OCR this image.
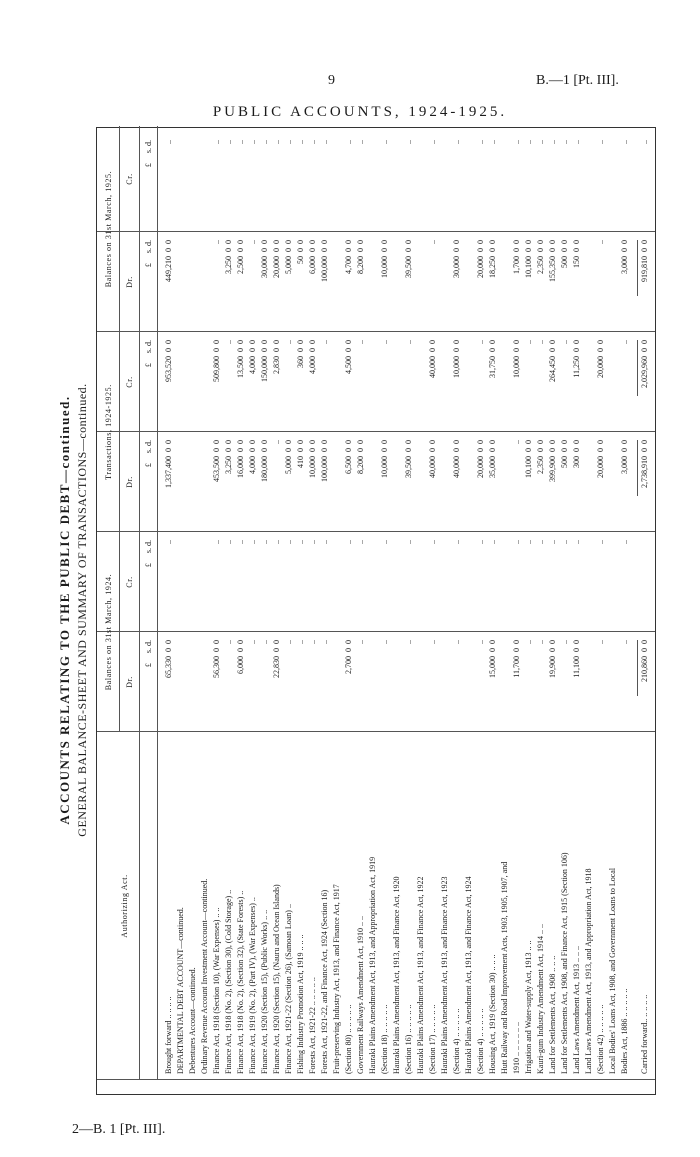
9	B.—1 [Pt. III].
PUBLIC ACCOUNTS, 1924-1925.
ACCOUNTS RELATING TO THE PUBLIC DEBT—continued. GENERAL BALANCE-SHEET AND SUMMARY OF TRANSACTIONS—continued.
Authorizing Act.
Balances on 31st March, 1924.
Transactions, 1924-1925.
Balances on 31st March, 1925.
Dr.
Cr.
Dr.
Cr.
Dr.
Cr.
£     s. d.
£     s. d.
£     s. d.
£     s. d.
£     s. d.
£     s. d.
Brought forward .. .. .. ..
65,330  0  0
..
1,337,400  0  0
953,520  0  0
449,210  0  0
..
DEPARTMENTAL DEBT ACCOUNT—continued. Debentures Account—continued. Ordinary Revenue Account Investment Account—continued. Finance Act, 1918 (Section 10), (War Expenses) .. ..
56,300  0  0
..
453,500  0  0
509,800  0  0
..
..
Finance Act, 1918 (No. 2), (Section 30), (Cold Storage) ..
..
..
3,250  0  0
..
3,250  0  0
..
Finance Act, 1918 (No. 2), (Section 32), (State Forests) ..
6,000  0  0
..
16,000  0  0
13,500  0  0
2,500  0  0
..
Finance Act, 1919 (No. 2), (Part IV), (War Expenses) ..
..
..
4,000  0  0
4,000  0  0
..
..
Finance Act, 1920 (Section 15), (Public Works) .. ..
..
..
180,000  0  0
150,000  0  0
30,000  0  0
..
Finance Act, 1920 (Section 15), (Nauru and Ocean Islands)
22,830  0  0
..
..
2,830  0  0
20,000  0  0
..
Finance Act, 1921-22 (Section 26), (Samoan Loan) ..
..
..
5,000  0  0
..
5,000  0  0
..
Fishing Industry Promotion Act, 1919 .. .. ..
..
..
410  0  0
360  0  0
50  0  0
..
Forests Act, 1921-22 .. .. .. .. ..
..
..
10,000  0  0
4,000  0  0
6,000  0  0
..
Forests Act, 1921-22, and Finance Act, 1924 (Section 16)
..
..
100,000  0  0
..
100,000  0  0
..
Fruit-preserving Industry Act, 1913, and Finance Act, 1917 (Section 80) .. .. .. .. ..
2,700  0  0
..
6,500  0  0
4,500  0  0
4,700  0  0
..
Government Railways Amendment Act, 1910 .. ..
..
..
8,200  0  0
..
8,200  0  0
..
Hauraki Plains Amendment Act, 1913, and Appropriation Act, 1919 (Section 18) .. .. .. .. ..
..
..
10,000  0  0
..
10,000  0  0
..
Hauraki Plains Amendment Act, 1913, and Finance Act, 1920 (Section 16) .. .. .. .. ..
..
..
39,500  0  0
..
39,500  0  0
..
Hauraki Plains Amendment Act, 1913, and Finance Act, 1922 (Section 17) .. .. .. .. ..
..
..
40,000  0  0
40,000  0  0
..
..
Hauraki Plains Amendment Act, 1913, and Finance Act, 1923 (Section 4) .. .. .. .. ..
..
..
40,000  0  0
10,000  0  0
30,000  0  0
..
Hauraki Plains Amendment Act, 1913, and Finance Act, 1924 (Section 4) .. .. .. .. ..
..
..
20,000  0  0
..
20,000  0  0
..
Housing Act, 1919 (Section 30) .. .. ..
15,000  0  0
..
35,000  0  0
31,750  0  0
18,250  0  0
..
Hutt Railway and Road Improvement Acts, 1903, 1905, 1907, and 1910 .. .. .. .. .. ..
11,700  0  0
..
..
10,000  0  0
1,700  0  0
..
Irrigation and Water-supply Act, 1913 .. ..
..
..
10,100  0  0
..
10,100  0  0
..
Kauri-gum Industry Amendment Act, 1914 .. ..
..
..
2,350  0  0
..
2,350  0  0
..
Land for Settlements Act, 1908 .. .. ..
19,900  0  0
..
399,900  0  0
264,450  0  0
155,350  0  0
..
Land for Settlements Act, 1908, and Finance Act, 1915 (Section 106)
..
..
500  0  0
..
500  0  0
..
Land Laws Amendment Act, 1913 .. .. ..
11,100  0  0
..
300  0  0
11,250  0  0
150  0  0
..
Land Laws Amendment Act, 1913, and Appropriation Act, 1918 (Section 42) .. .. .. .. ..
..
..
20,000  0  0
20,000  0  0
..
..
Local Bodies' Loans Act, 1908, and Government Loans to Local Bodies Act, 1886 .. .. .. .. ..
..
..
3,000  0  0
..
3,000  0  0
..
Carried forward.. .. .. .. ..
210,860  0  0
2,738,910  0  0
2,029,960  0  0
919,810  0  0
..
2—B. 1 [Pt. III].
